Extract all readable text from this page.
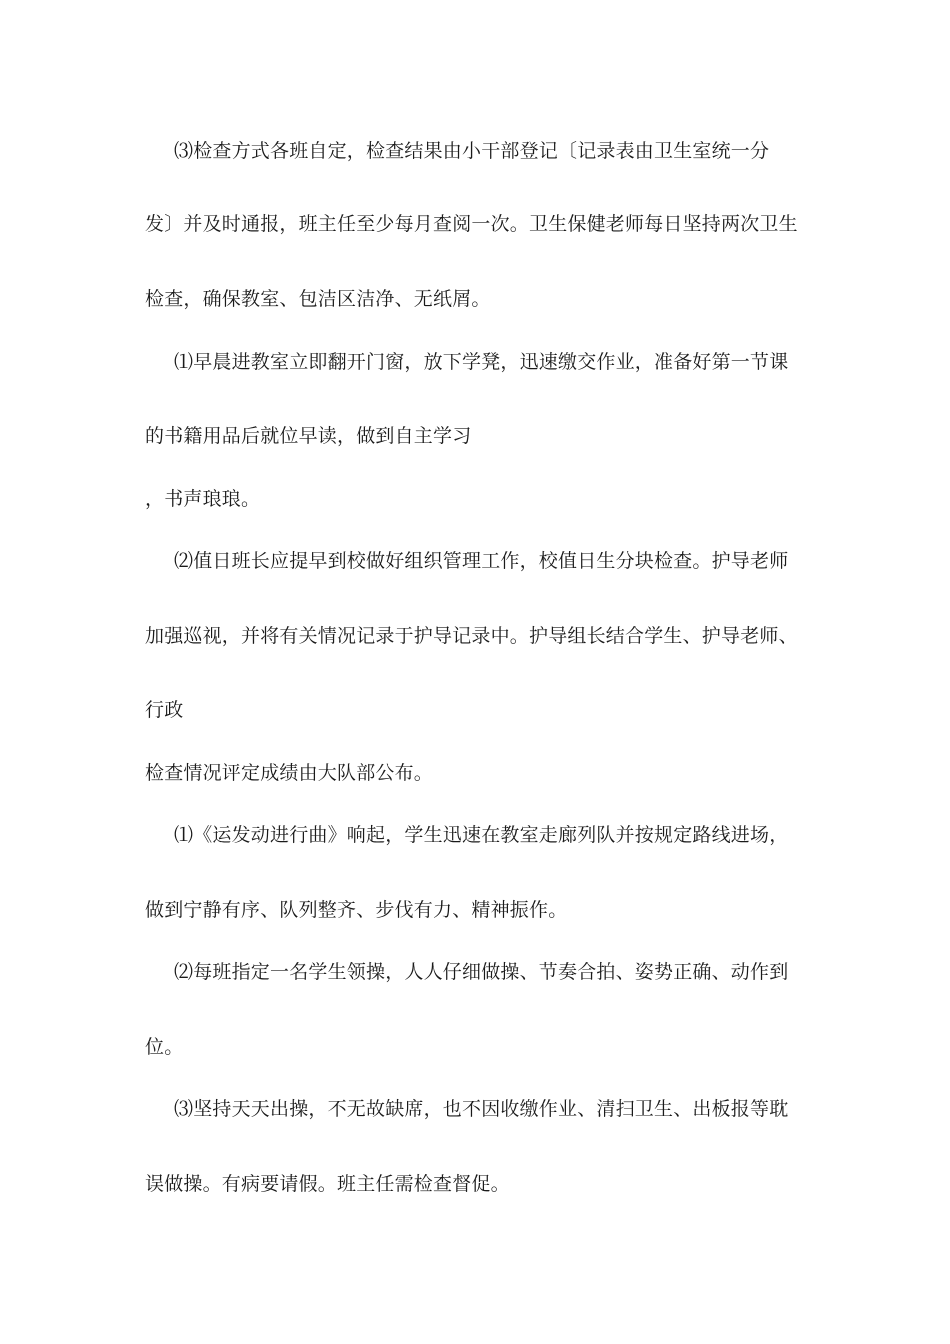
⑶检查方式各班自定，检查结果由小干部登记〔记录表由卫生室统一分
发〕并及时通报，班主任至少每月查阅一次。卫生保健老师每日坚持两次卫生
检查，确保教室、包洁区洁净、无纸屑。
⑴早晨进教室立即翻开门窗，放下学凳，迅速缴交作业，准备好第一节课
的书籍用品后就位早读，做到自主学习
，书声琅琅。
⑵值日班长应提早到校做好组织管理工作，校值日生分块检查。护导老师
加强巡视，并将有关情况记录于护导记录中。护导组长结合学生、护导老师、
行政
检查情况评定成绩由大队部公布。
⑴《运发动进行曲》响起，学生迅速在教室走廊列队并按规定路线进场，
做到宁静有序、队列整齐、步伐有力、精神振作。
⑵每班指定一名学生领操，人人仔细做操、节奏合拍、姿势正确、动作到
位。
⑶坚持天天出操，不无故缺席，也不因收缴作业、清扫卫生、出板报等耽
误做操。有病要请假。班主任需检查督促。
